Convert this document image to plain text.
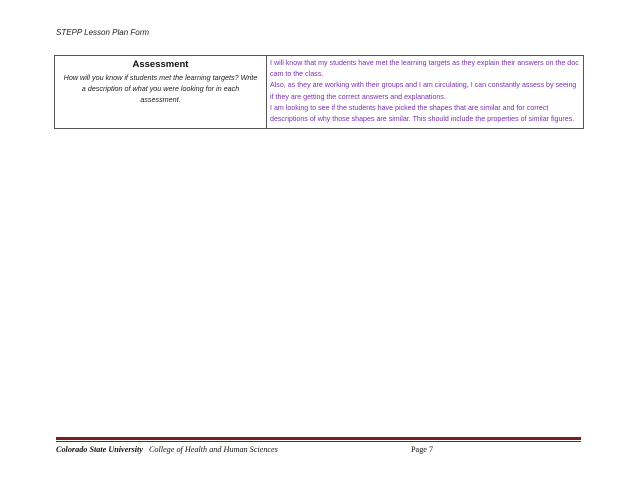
STEPP Lesson Plan Form
Assessment
How will you know if students met the learning targets? Write a description of what you were looking for in each assessment.

I will know that my students have met the learning targets as they explain their answers on the doc cam to the class.
Also, as they are working with their groups and I am circulating, I can constantly assess by seeing if they are getting the correct answers and explanations.
I am looking to see if the students have picked the shapes that are similar and for correct descriptions of why those shapes are similar. This should include the properties of similar figures.
Colorado State University College of Health and Human Sciences	Page 7
